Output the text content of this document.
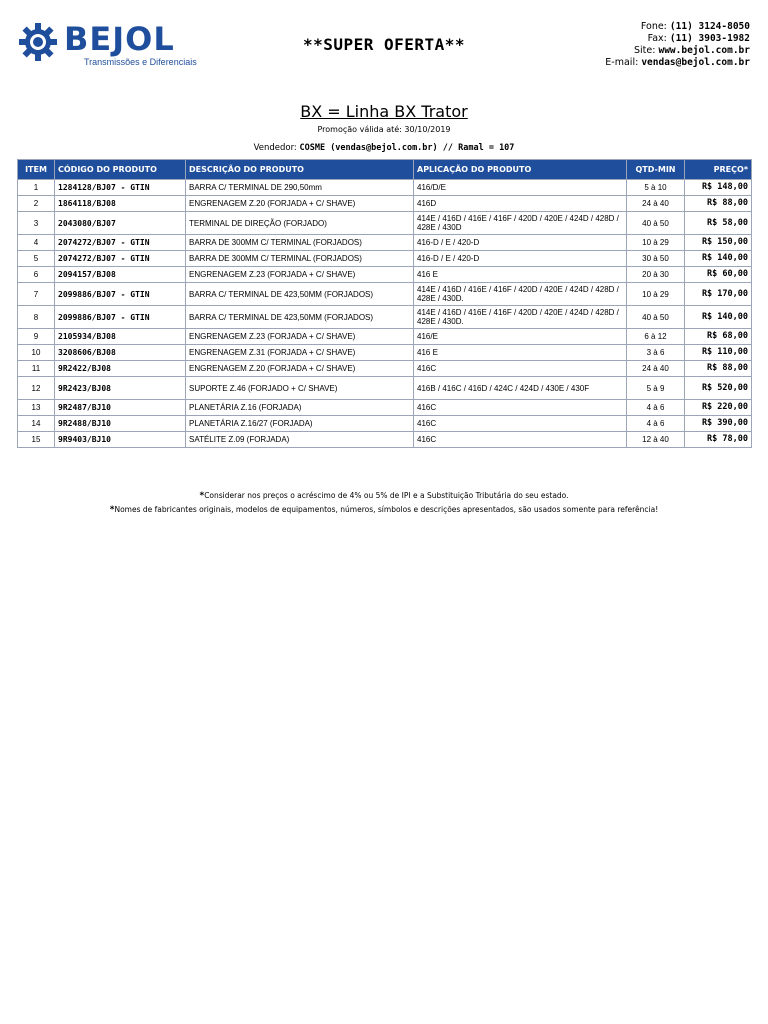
BEJOL
Transmissões e Diferenciais
**SUPER OFERTA**
Fone: (11) 3124-8050
Fax: (11) 3903-1982
Site: www.bejol.com.br
E-mail: vendas@bejol.com.br
BX = Linha BX Trator
Promoção válida até: 30/10/2019
Vendedor: COSME (vendas@bejol.com.br) // Ramal = 107
ITEM	CÓDIGO DO PRODUTO	DESCRIÇÃO DO PRODUTO	APLICAÇÃO DO PRODUTO	QTD-MIN	PREÇO*
1	1284128/BJ07 - GTIN	BARRA C/ TERMINAL DE 290,50mm	416/D/E	5 à 10	R$ 148,00
2	1864118/BJ08	ENGRENAGEM Z.20 (FORJADA + C/ SHAVE)	416D	24 à 40	R$ 88,00
3	2043080/BJ07	TERMINAL DE DIREÇÃO (FORJADO)	414E / 416D / 416E / 416F / 420D / 420E / 424D / 428D / 428E / 430D	40 à 50	R$ 58,00
4	2074272/BJ07 - GTIN	BARRA DE 300MM C/ TERMINAL (FORJADOS)	416-D / E / 420-D	10 à 29	R$ 150,00
5	2074272/BJ07 - GTIN	BARRA DE 300MM C/ TERMINAL (FORJADOS)	416-D / E / 420-D	30 à 50	R$ 140,00
6	2094157/BJ08	ENGRENAGEM Z.23 (FORJADA + C/ SHAVE)	416 E	20 à 30	R$ 60,00
7	2099886/BJ07 - GTIN	BARRA C/ TERMINAL DE 423,50MM (FORJADOS)	414E / 416D / 416E / 416F / 420D / 420E / 424D / 428D / 428E / 430D.	10 à 29	R$ 170,00
8	2099886/BJ07 - GTIN	BARRA C/ TERMINAL DE 423,50MM (FORJADOS)	414E / 416D / 416E / 416F / 420D / 420E / 424D / 428D / 428E / 430D.	40 à 50	R$ 140,00
9	2105934/BJ08	ENGRENAGEM Z.23 (FORJADA + C/ SHAVE)	416/E	6 à 12	R$ 68,00
10	3208606/BJ08	ENGRENAGEM Z.31 (FORJADA + C/ SHAVE)	416 E	3 à 6	R$ 110,00
11	9R2422/BJ08	ENGRENAGEM Z.20 (FORJADA + C/ SHAVE)	416C	24 à 40	R$ 88,00
12	9R2423/BJ08	SUPORTE Z.46 (FORJADO + C/ SHAVE)	416B / 416C / 416D / 424C / 424D / 430E / 430F	5 à 9	R$ 520,00
13	9R2487/BJ10	PLANETÁRIA Z.16 (FORJADA)	416C	4 à 6	R$ 220,00
14	9R2488/BJ10	PLANETÁRIA Z.16/27 (FORJADA)	416C	4 à 6	R$ 390,00
15	9R9403/BJ10	SATÉLITE Z.09 (FORJADA)	416C	12 à 40	R$ 78,00
*Considerar nos preços o acréscimo de 4% ou 5% de IPI e a Substituição Tributária do seu estado.
*Nomes de fabricantes originais, modelos de equipamentos, números, símbolos e descrições apresentados, são usados somente para referência!
